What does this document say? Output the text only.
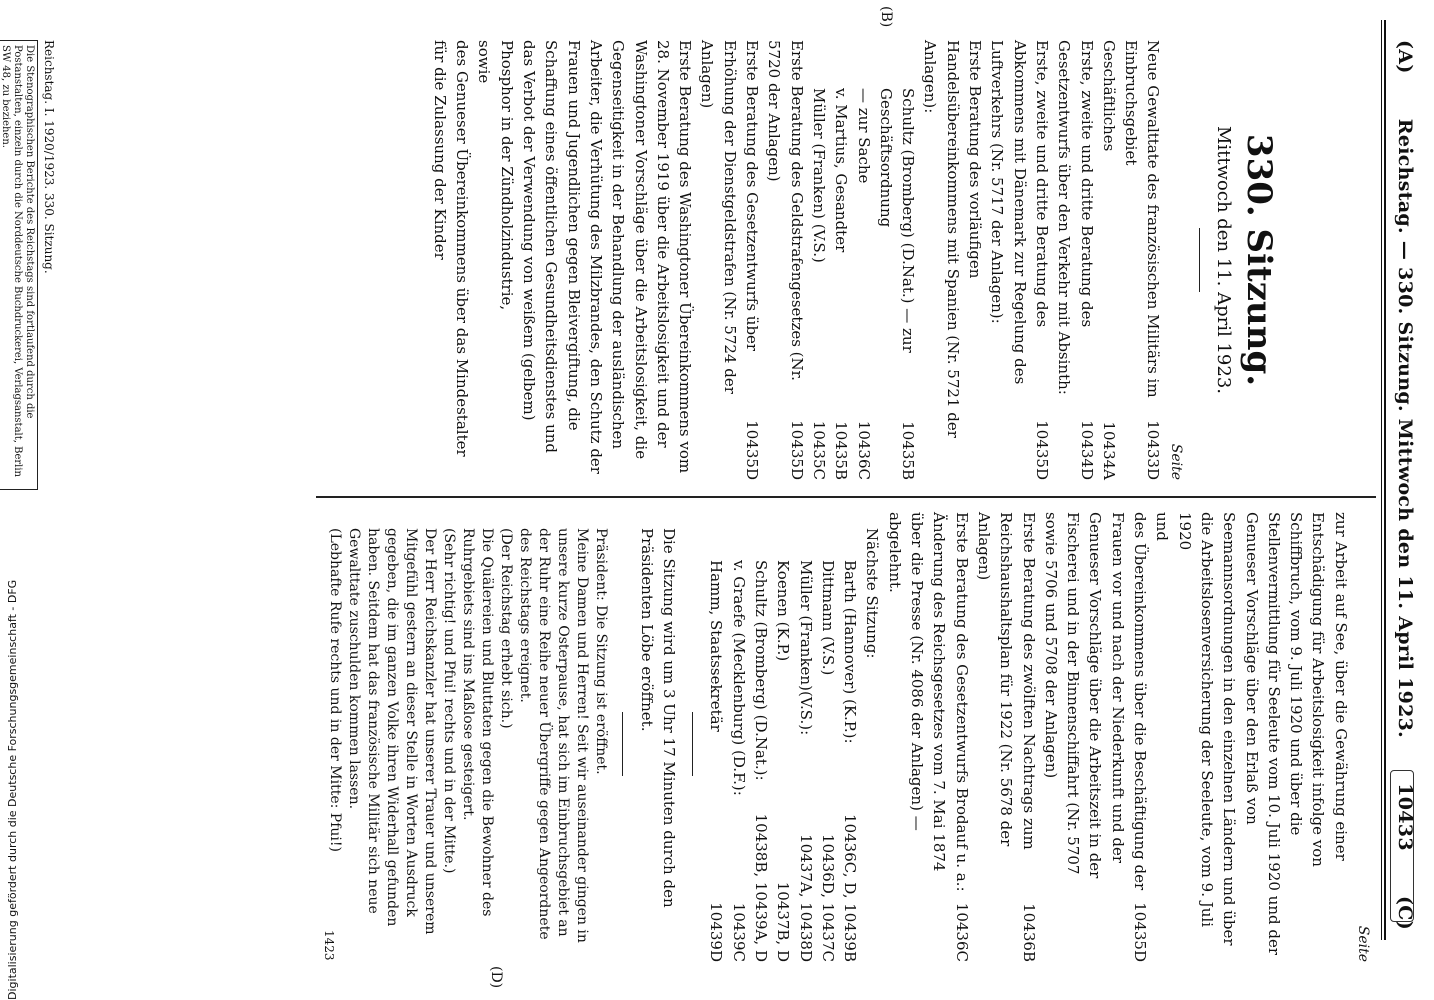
(A)
Reichstag. — 330. Sitzung. Mittwoch den 11. April 1923.
10433
(C)
330. Sitzung.
Mittwoch den 11. April 1923.
Seite
Neue Gewalttate des französischen Militärs im Einbruchsgebiet
10433D
Geschäftliches
10434A
Erste, zweite und dritte Beratung des Gesetzentwurfs über den Verkehr mit Absinth:
10434D
Erste, zweite und dritte Beratung des Abkommens mit Dänemark zur Regelung des Luftverkehrs (Nr. 5717 der Anlagen):
10435D
Erste Beratung des vorläufigen Handelsübereinkommens mit Spanien (Nr. 5721 der Anlagen):
Schultz (Bromberg) (D.Nat.) — zur Geschäftsordnung
10435B
— zur Sache
10436C
v. Martius, Gesandter
10435B
Müller (Franken) (V.S.)
10435C
Erste Beratung des Geldstrafengesetzes (Nr. 5720 der Anlagen)
10435D
Erste Beratung des Gesetzentwurfs über Erhöhung der Dienstgeldstrafen (Nr. 5724 der Anlagen)
10435D
Erste Beratung des Washingtoner Übereinkommens vom 28. November 1919 über die Arbeitslosigkeit und der Washingtoner Vorschläge über die Arbeitslosigkeit, die Gegenseitigkeit in der Behandlung der ausländischen Arbeiter, die Verhütung des Milzbrandes, den Schutz der Frauen und Jugendlichen gegen Bleivergiftung, die Schaffung eines öffentlichen Gesundheitsdienstes und das Verbot der Verwendung von weißem (gelbem) Phosphor in der Zündholzindustrie,
sowie
des Genueser Übereinkommens über das Mindestalter für die Zulassung der Kinder
(B)
Reichstag. I. 1920/1923. 330. Sitzung.
Die Stenographischen Berichte des Reichstags sind fortlaufend durch die Postanstalten, einzeln durch die Norddeutsche Buchdruckerei, Verlagsanstalt, Berlin SW 48, zu beziehen.
Seite
zur Arbeit auf See, über die Gewährung einer Entschädigung für Arbeitslosigkeit infolge von Schiffbruch, vom 9. Juli 1920 und über die Stellenvermittlung für Seeleute vom 10. Juli 1920 und der Genueser Vorschläge über den Erlaß von Seemannsordnungen in den einzelnen Ländern und über die Arbeitslosenversicherung der Seeleute, vom 9. Juli 1920
und
des Übereinkommens über die Beschäftigung der Frauen vor und nach der Niederkunft und der Genueser Vorschläge über die Arbeitszeit in der Fischerei und in der Binnenschiffahrt (Nr. 5707 sowie 5706 und 5708 der Anlagen)
10435D
Erste Beratung des zwölften Nachtrags zum Reichshaushaltsplan für 1922 (Nr. 5678 der Anlagen)
10436B
Erste Beratung des Gesetzentwurfs Brodauf u. a.: Änderung des Reichsgesetzes vom 7. Mai 1874 über die Presse (Nr. 4086 der Anlagen) — abgelehnt.
10436C
Nächste Sitzung:
Barth (Hannover) (K.P.):
10436C, D, 10439B
Dittmann (V.S.)
10436D, 10437C
Müller (Franken)(V.S.):
10437A, 10438D
Koenen (K.P.)
10437B, D
Schultz (Bromberg) (D.Nat.):
10438B, 10439A, D
v. Graefe (Mecklenburg) (D.F.):
10439C
Hamm, Staatssekretär
10439D
Die Sitzung wird um 3 Uhr 17 Minuten durch den Präsidenten Löbe eröffnet.
Präsident: Die Sitzung ist eröffnet.
Meine Damen und Herren! Seit wir auseinander gingen in unsere kurze Osterpause, hat sich im Einbruchsgebiet an der Ruhr eine Reihe neuer Übergriffe gegen Angeordnete des Reichstags ereignet.
(Der Reichstag erhebt sich.)
Die Quälereien und Bluttaten gegen die Bewohner des Ruhrgebiets sind ins Maßlose gesteigert.
(Sehr richtig! und Pfui! rechts und in der Mitte.)
Der Herr Reichskanzler hat unserer Trauer und unserem Mitgefühl gestern an dieser Stelle in Worten Ausdruck gegeben, die im ganzen Volke ihren Widerhall gefunden haben. Seitdem hat das französische Militär sich neue Gewalttate zuschulden kommen lassen.
(Lebhafte Rufe rechts und in der Mitte: Pfui!)
(D)
1423
Digitalisierung gefördert durch die Deutsche Forschungsgemeinschaft - DFG
